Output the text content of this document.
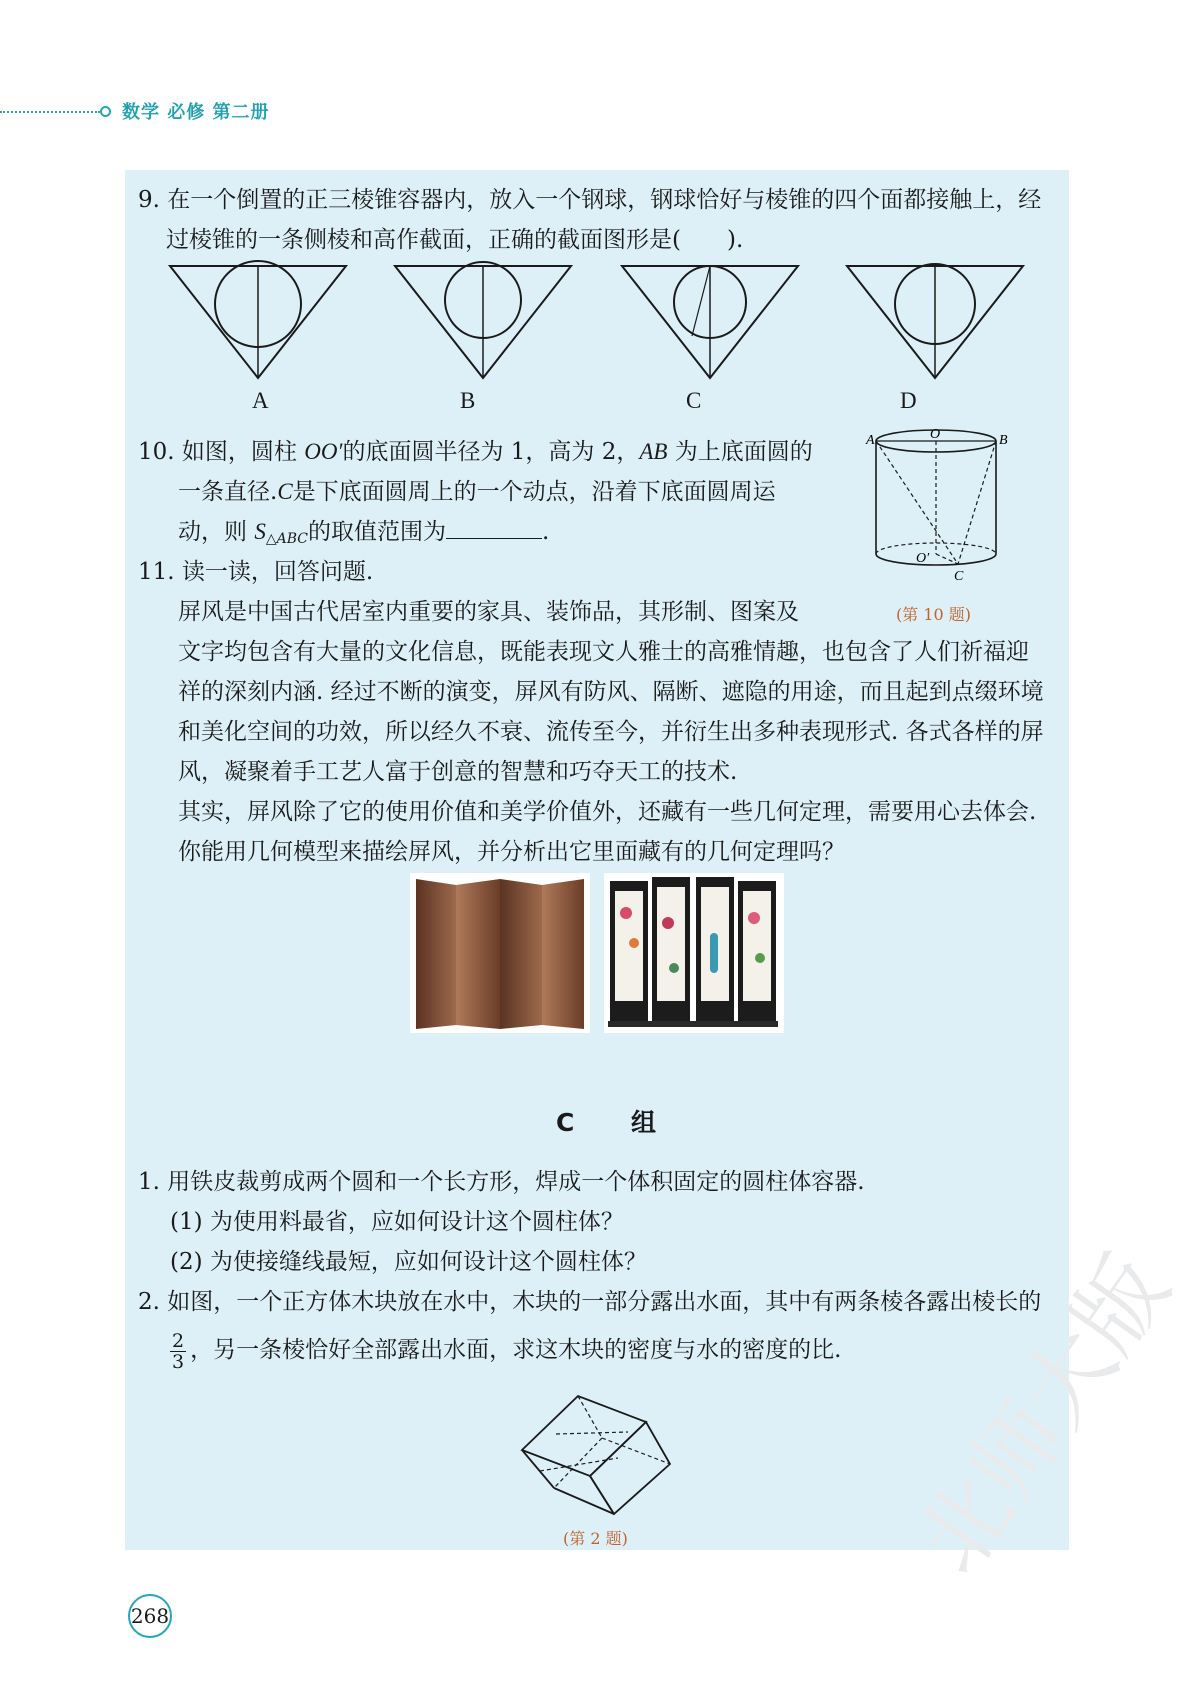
数学 必修 第二册
9. 在一个倒置的正三棱锥容器内，放入一个钢球，钢球恰好与棱锥的四个面都接触上，经
过棱锥的一条侧棱和高作截面，正确的截面图形是(　　).
A	B	C	D
10. 如图，圆柱 OO′的底面圆半径为 1，高为 2，AB 为上底面圆的
一条直径.C是下底面圆周上的一个动点，沿着下底面圆周运
动，则 $S_{\triangle ABC}$的取值范围为	.
A	B
O
O′
C
(第 10 题)
11. 读一读，回答问题.
屏风是中国古代居室内重要的家具、装饰品，其形制、图案及
文字均包含有大量的文化信息，既能表现文人雅士的高雅情趣，也包含了人们祈福迎
祥的深刻内涵. 经过不断的演变，屏风有防风、隔断、遮隐的用途，而且起到点缀环境
和美化空间的功效，所以经久不衰、流传至今，并衍生出多种表现形式. 各式各样的屏
风，凝聚着手工艺人富于创意的智慧和巧夺天工的技术.
其实，屏风除了它的使用价值和美学价值外，还藏有一些几何定理，需要用心去体会.
你能用几何模型来描绘屏风，并分析出它里面藏有的几何定理吗？
C 组
1. 用铁皮裁剪成两个圆和一个长方形，焊成一个体积固定的圆柱体容器.
(1) 为使用料最省，应如何设计这个圆柱体？
(2) 为使接缝线最短，应如何设计这个圆柱体？
2. 如图，一个正方体木块放在水中，木块的一部分露出水面，其中有两条棱各露出棱长的
$\frac{2}{3}$ ，另一条棱恰好全部露出水面，求这木块的密度与水的密度的比.
(第 2 题)
268
北师大版
